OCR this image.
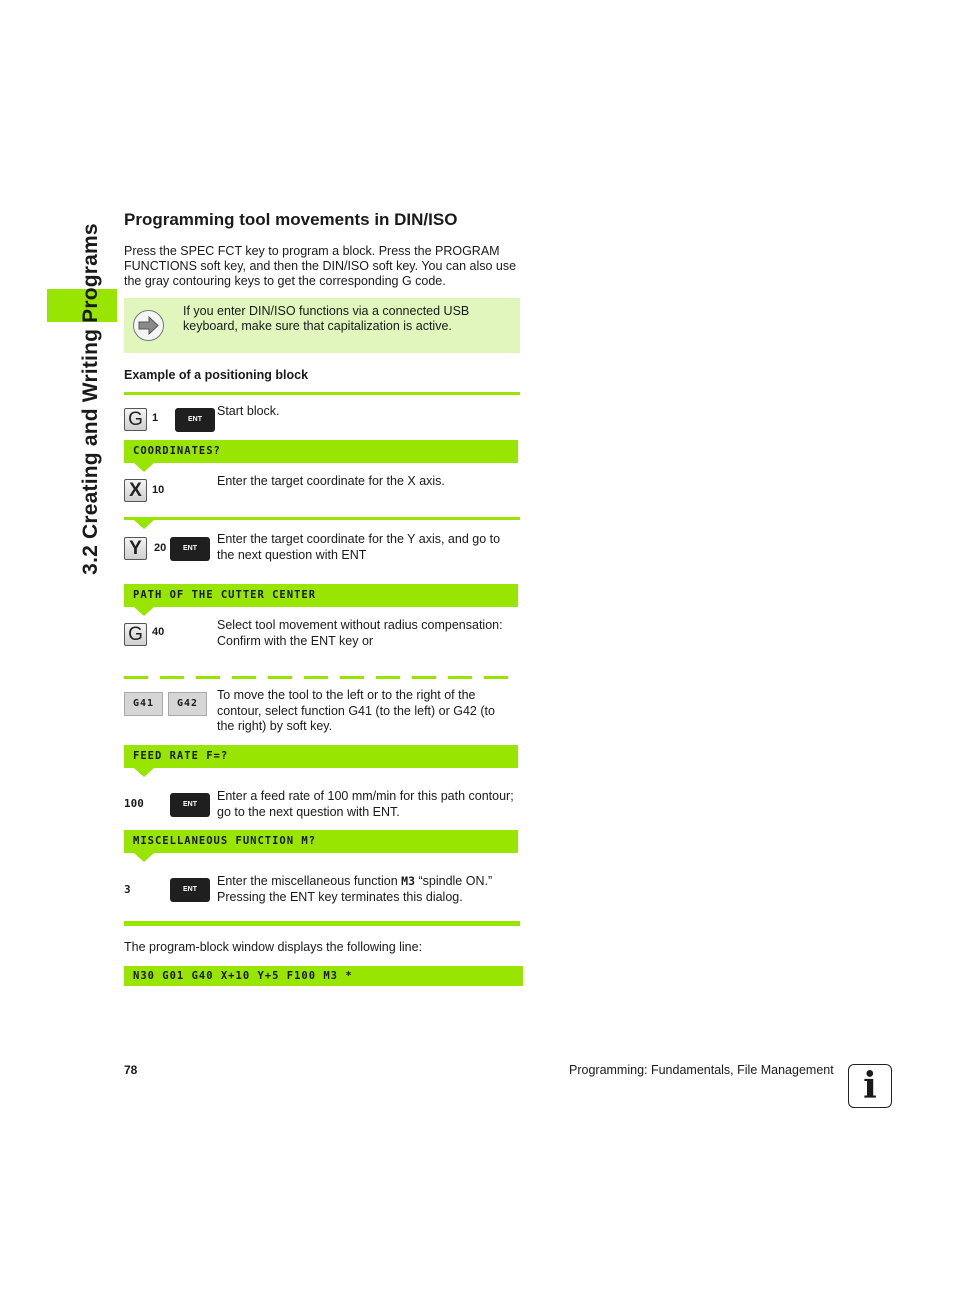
3.2 Creating and Writing Programs
Programming tool movements in DIN/ISO
Press the SPEC FCT key to program a block. Press the PROGRAM
FUNCTIONS soft key, and then the DIN/ISO soft key. You can also use
the gray contouring keys to get the corresponding G code.
If you enter DIN/ISO functions via a connected USB
keyboard, make sure that capitalization is active.
Example of a positioning block
G 1	ENT
Start block.
COORDINATES?
X 10
Enter the target coordinate for the X axis.
Y	20	ENT
Enter the target coordinate for the Y axis, and go to
the next question with ENT
PATH OF THE CUTTER CENTER
G 40	Select tool movement without radius compensation:
Confirm with the ENT key or
G41	G42
To move the tool to the left or to the right of the
contour, select function G41 (to the left) or G42 (to
the right) by soft key.
FEED RATE F=?
100	ENT
Enter a feed rate of 100 mm/min for this path contour;
go to the next question with ENT.
MISCELLANEOUS FUNCTION M?
3	ENT
Enter the miscellaneous function M3 “spindle ON.”
Pressing the ENT key terminates this dialog.
The program-block window displays the following line:
N30 G01 G40 X+10 Y+5 F100 M3 *
78	Programming: Fundamentals, File Management i
